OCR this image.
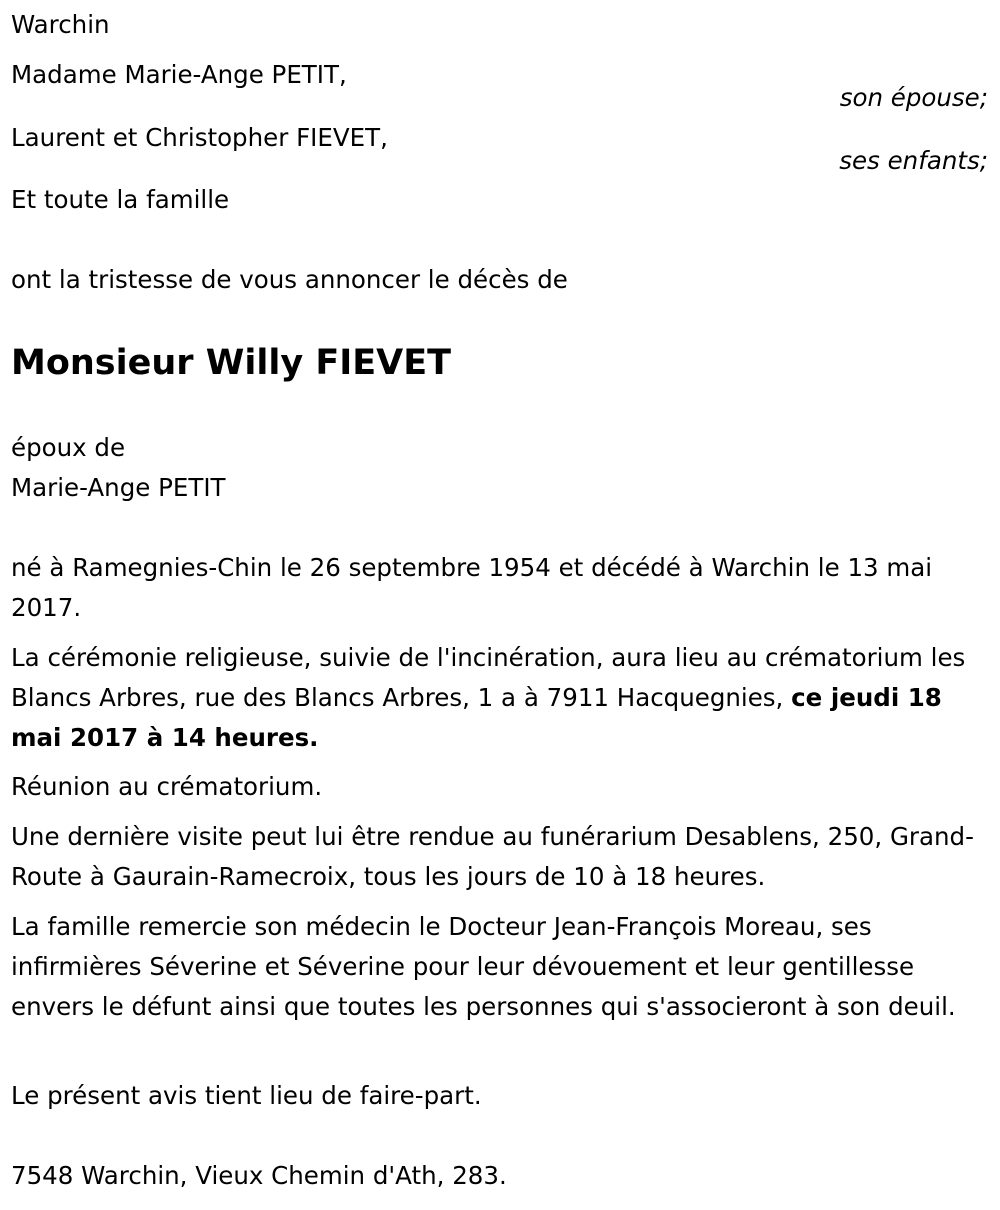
Warchin
Madame Marie-Ange PETIT,
son épouse;
Laurent et Christopher FIEVET,
ses enfants;
Et toute la famille
ont la tristesse de vous annoncer le décès de
Monsieur Willy FIEVET
époux de
Marie-Ange PETIT
né à Ramegnies-Chin le 26 septembre 1954 et décédé à Warchin le 13 mai 2017.
La cérémonie religieuse, suivie de l'incinération, aura lieu au crématorium les Blancs Arbres, rue des Blancs Arbres, 1 a à 7911 Hacquegnies, ce jeudi 18 mai 2017 à 14 heures.
Réunion au crématorium.
Une dernière visite peut lui être rendue au funérarium Desablens, 250, Grand-Route à Gaurain-Ramecroix, tous les jours de 10 à 18 heures.
La famille remercie son médecin le Docteur Jean-François Moreau, ses infirmières Séverine et Séverine pour leur dévouement et leur gentillesse envers le défunt ainsi que toutes les personnes qui s'associeront à son deuil.
Le présent avis tient lieu de faire-part.
7548 Warchin, Vieux Chemin d'Ath, 283.
